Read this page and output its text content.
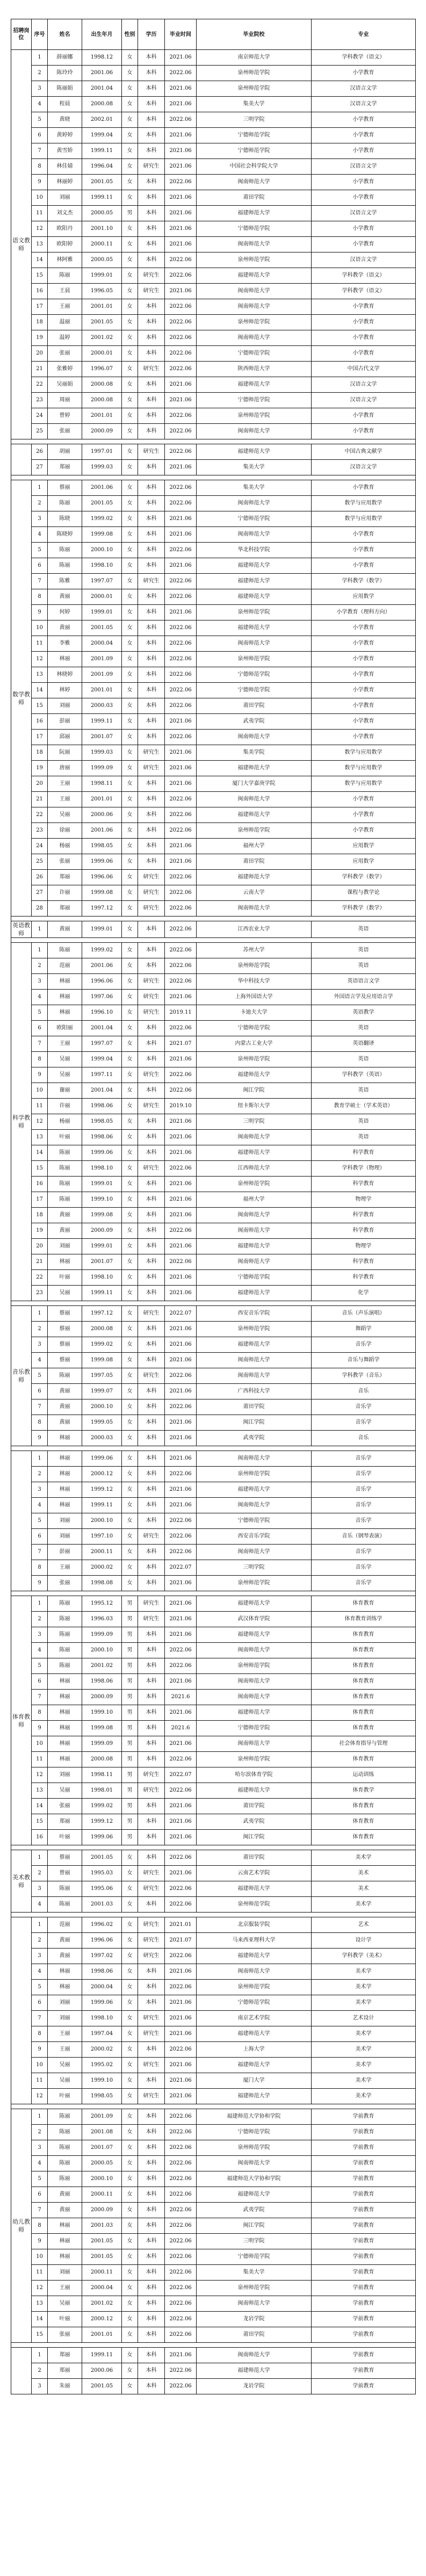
招聘岗位	序号	姓名	出生年月	性别	学历	毕业时间	毕业院校	专业
语文教师	1	薛丽娜	1998.12	女	本科	2021.06	南京师范大学	学科教学（语文）
	2	陈玲玲	2001.06	女	本科	2022.06	泉州师范学院	小学教育
	3	陈丽娟	2001.04	女	本科	2021.06	泉州师范学院	汉语言文学
	4	程晨	2000.08	女	本科	2021.06	集美大学	汉语言文学
	5	黄晓	2002.01	女	本科	2022.06	三明学院	小学教育
	6	黄婷婷	1999.04	女	本科	2021.06	宁德师范学院	小学教育
	7	黄雪娇	1999.11	女	本科	2021.06	宁德师范学院	小学教育
	8	林佳婧	1996.04	女	研究生	2021.06	中国社会科学院大学	汉语言文学
	9	林丽婷	2001.05	女	本科	2022.06	闽南师范大学	小学教育
	10	刘丽	1999.11	女	本科	2021.06	莆田学院	小学教育
	11	刘文杰	2000.05	男	本科	2021.06	福建师范大学	汉语言文学
	12	欧阳丹	2001.10	女	本科	2021.06	宁德师范学院	小学教育
	13	欧阳婷	2000.11	女	本科	2021.06	闽南师范大学	小学教育
	14	林阿雅	2000.05	女	本科	2022.06	泉州师范学院	汉语言文学
	15	陈丽	1999.01	女	研究生	2022.06	福建师范大学	学科教学（语文）
	16	王晨	1996.05	女	研究生	2021.06	闽南师范大学	学科教学（语文）
	17	王丽	2001.01	女	本科	2022.06	闽南师范大学	小学教育
	18	温丽	2001.05	女	本科	2022.06	泉州师范学院	小学教育
	19	温婷	2001.02	女	本科	2022.06	闽南师范大学	小学教育
	20	张丽	2000.01	女	本科	2022.06	宁德师范学院	小学教育
	21	张雅婷	1996.07	女	研究生	2022.06	陕西师范大学	中国古代文学
	22	吴丽娟	2000.08	女	本科	2021.06	福建师范大学	汉语言文学
	23	周丽	2000.08	女	本科	2021.06	宁德师范学院	汉语言文学
	24	曾婷	2001.01	女	本科	2022.06	泉州师范学院	小学教育
	25	张丽	2000.09	女	本科	2022.06	闽南师范大学	小学教育

	26	胡丽	1997.01	女	研究生	2022.06	福建师范大学	中国古典文献学
	27	郑丽	1999.03	女	本科	2021.06	集美大学	汉语言文学

数学教师	1	蔡丽	2001.06	女	本科	2022.06	集美大学	小学教育
	2	陈丽	2001.05	女	本科	2022.06	闽南师范大学	数学与应用数学
	3	陈晓	1999.02	女	本科	2021.06	宁德师范学院	数学与应用数学
	4	陈晓婷	1999.08	女	本科	2021.06	闽南师范大学	小学教育
	5	陈丽	2000.10	女	本科	2022.06	华北科技学院	小学教育
	6	陈丽	1998.10	女	本科	2021.06	福建师范大学	小学教育
	7	陈雅	1997.07	女	研究生	2022.06	福建师范大学	学科教学（数学）
	8	黄丽	2000.01	女	本科	2022.06	福建师范大学	应用数学
	9	何婷	1999.01	女	本科	2021.06	泉州师范学院	小学教育（理科方向）
	10	黄丽	2001.05	女	本科	2022.06	福建师范大学	小学教育
	11	李雅	2000.04	女	本科	2022.06	闽南师范大学	小学教育
	12	林丽	2001.09	女	本科	2022.06	泉州师范学院	小学教育
	13	林晓婷	2001.09	女	本科	2022.06	宁德师范学院	小学教育
	14	林婷	2001.01	女	本科	2022.06	宁德师范学院	小学教育
	15	刘丽	2000.03	女	本科	2022.06	莆田学院	小学教育
	16	彭丽	1999.11	女	本科	2021.06	武夷学院	小学教育
	17	邱丽	2001.07	女	本科	2022.06	闽南师范大学	小学教育
	18	阮丽	1999.03	女	研究生	2021.06	集美学院	数学与应用数学
	19	唐丽	1999.09	女	研究生	2021.06	福建师范大学	数学与应用数学
	20	王丽	1998.11	女	本科	2021.06	厦门大学嘉庚学院	数学与应用数学
	21	王丽	2001.01	女	本科	2022.06	闽南师范大学	小学教育
	22	吴丽	2000.06	女	本科	2022.06	福建师范大学	小学教育
	23	徐丽	2001.06	女	本科	2022.06	泉州师范学院	小学教育
	24	杨丽	1998.05	女	本科	2021.06	福州大学	应用数学
	25	张丽	1999.06	女	本科	2021.06	莆田学院	应用数学
	26	郑丽	1996.06	女	研究生	2022.06	福建师范大学	学科教学（数学）
	27	许丽	1999.08	女	研究生	2022.06	云南大学	课程与教学论
	28	郑丽	1997.12	女	研究生	2022.06	闽南师范大学	学科教学（数学）

英语教师	1	黄丽	1999.01	女	本科	2022.06	江西农业大学	英语

科学教师	1	陈丽	1999.02	女	本科	2022.06	苏州大学	英语
	2	范丽	2001.06	女	本科	2022.06	泉州师范学院	英语
	3	林丽	1996.06	女	研究生	2022.06	华中科技大学	英语语言文学
	4	林丽	1997.06	女	研究生	2021.06	上海外国语大学	外国语言学及应用语言学
	5	林丽	1996.10	女	研究生	2019.11	卡迪夫大学	英语教学
	6	欧阳丽	2001.04	女	本科	2022.06	宁德师范学院	英语
	7	王丽	1997.07	女	本科	2021.07	内蒙古工业大学	英语翻译
	8	吴丽	1999.04	女	本科	2021.06	泉州师范学院	英语
	9	吴丽	1997.11	女	研究生	2022.06	福建师范大学	学科教学（英语）
	10	谢丽	2001.04	女	本科	2022.06	闽江学院	英语
	11	许丽	1998.06	女	研究生	2019.10	纽卡斯尔大学	教育学硕士（学术英语）
	12	杨丽	1998.05	女	本科	2021.06	三明学院	英语
	13	叶丽	1998.06	女	本科	2021.06	闽南师范大学	英语
	14	陈丽	1999.06	女	本科	2021.06	福建师范大学	科学教育
	15	陈丽	1998.10	女	研究生	2022.06	江西师范大学	学科教学（物理）
	16	陈丽	1999.01	女	本科	2021.06	泉州师范学院	科学教育
	17	陈丽	1999.10	女	本科	2021.06	福州大学	物理学
	18	黄丽	1999.08	女	本科	2021.06	闽南师范大学	科学教育
	19	黄丽	2000.09	女	本科	2022.06	闽南师范大学	科学教育
	20	刘丽	1999.01	女	本科	2021.06	福建师范大学	物理学
	21	林丽	2001.07	女	本科	2022.06	闽南师范大学	科学教育
	22	叶丽	1998.10	女	本科	2021.06	宁德师范学院	科学教育
	23	吴丽	1999.11	女	本科	2021.06	福建师范大学	化学

音乐教师	1	蔡丽	1997.12	女	研究生	2022.07	西安音乐学院	音乐（声乐演唱）
	2	蔡丽	2000.08	女	本科	2021.06	泉州师范学院	舞蹈学
	3	蔡丽	1999.02	女	本科	2021.06	福建师范大学	音乐学
	4	蔡丽	1999.08	女	本科	2021.06	闽南师范大学	音乐与舞蹈学
	5	陈丽	1997.05	女	研究生	2022.06	闽南师范大学	学科教学（音乐）
	6	黄丽	1999.07	女	本科	2021.06	广西科技大学	音乐
	7	黄丽	2000.10	女	本科	2022.06	莆田学院	音乐学
	8	黄丽	1999.05	女	本科	2021.06	闽江学院	音乐学
	9	林丽	2000.03	女	本科	2021.06	武夷学院	音乐

	1	林丽	1999.06	女	本科	2021.06	闽南师范大学	音乐学
	2	林丽	2000.12	女	本科	2022.06	泉州师范学院	音乐学
	3	林丽	1999.12	女	本科	2021.06	福建师范大学	音乐学
	4	林丽	1999.11	女	本科	2021.06	闽南师范大学	音乐学
	5	刘丽	2000.10	女	本科	2022.06	宁德师范学院	音乐学
	6	刘丽	1997.10	女	研究生	2022.06	西安音乐学院	音乐（钢琴表演）
	7	彭丽	2000.11	女	本科	2022.06	闽南师范大学	音乐学
	8	王丽	2000.02	女	本科	2022.07	三明学院	音乐学
	9	张丽	1998.08	女	本科	2021.06	泉州师范学院	音乐学

体育教师	1	陈丽	1995.12	男	研究生	2021.06	福建师范大学	体育教育
	2	陈丽	1996.03	男	研究生	2021.06	武汉体育学院	体育教育训练学
	3	陈丽	1999.09	男	本科	2021.06	福建师范大学	体育教育
	4	陈丽	2000.10	男	本科	2022.06	闽南师范大学	体育教育
	5	陈丽	2001.02	男	本科	2022.06	泉州师范学院	体育教育
	6	林丽	1998.06	男	本科	2021.06	闽南师范大学	体育教育
	7	林丽	2000.09	男	本科	2021.6	闽南师范大学	体育教育
	8	林丽	1999.10	男	本科	2021.06	福建师范大学	体育教育
	9	林丽	1999.08	男	本科	2021.6	宁德师范学院	体育教育
	10	林丽	1999.09	男	本科	2021.06	闽南师范大学	社会体育指导与管理
	11	林丽	2000.08	男	本科	2022.06	泉州师范学院	体育教育
	12	刘丽	1998.11	男	研究生	2022.07	哈尔滨体育学院	运动训练
	13	吴丽	1998.01	男	研究生	2022.06	福建师范大学	体育教学
	14	张丽	1999.02	男	本科	2021.06	莆田学院	体育教育
	15	郑丽	1999.12	男	本科	2021.06	武夷学院	体育教育
	16	叶丽	1999.06	男	本科	2021.06	闽江学院	体育教育

美术教师	1	蔡丽	2001.05	女	本科	2022.06	莆田学院	美术学
	2	曾丽	1995.03	女	研究生	2021.06	云南艺术学院	美术
	3	陈丽	1995.06	女	研究生	2022.06	福建师范大学	美术
	4	陈丽	2001.03	女	本科	2022.06	泉州师范学院	美术学

	1	范丽	1996.02	女	研究生	2021.01	北京服装学院	艺术
	2	黄丽	1996.06	女	研究生	2021.07	马来西亚理科大学	设计学
	3	黄丽	1997.02	女	研究生	2022.06	福建师范大学	学科教学（美术）
	4	林丽	1998.06	女	本科	2021.06	闽南师范大学	美术学
	5	林丽	2000.04	女	本科	2022.06	泉州师范学院	美术学
	6	刘丽	1999.06	女	本科	2021.06	宁德师范学院	美术学
	7	刘丽	1998.10	女	研究生	2021.06	南京艺术学院	艺术设计
	8	王丽	1997.04	女	研究生	2021.06	福建师范大学	美术学
	9	王丽	2000.02	女	本科	2022.06	上海大学	美术学
	10	吴丽	1995.02	女	研究生	2021.06	福建师范大学	美术学
	11	吴丽	1999.10	女	本科	2021.06	厦门大学	美术学
	12	叶丽	1998.05	女	研究生	2021.06	福建师范大学	美术学

幼儿教师	1	陈丽	2001.09	女	本科	2022.06	福建师范大学协和学院	学前教育
	2	陈丽	2001.08	女	本科	2022.06	宁德师范学院	学前教育
	3	陈丽	2001.07	女	本科	2022.06	泉州师范学院	学前教育
	4	陈丽	2000.05	女	本科	2022.06	闽南师范大学	学前教育
	5	陈丽	2000.10	女	本科	2022.06	福建师范大学协和学院	学前教育
	6	黄丽	2000.11	女	本科	2022.06	福建师范大学	学前教育
	7	黄丽	2000.09	女	本科	2022.06	武夷学院	学前教育
	8	林丽	2001.03	女	本科	2022.06	闽江学院	学前教育
	9	林丽	2001.05	女	本科	2022.06	三明学院	学前教育
	10	林丽	2001.05	女	本科	2022.06	宁德师范学院	学前教育
	11	刘丽	2000.11	女	本科	2022.06	集美大学	学前教育
	12	王丽	2000.04	女	本科	2022.06	泉州师范学院	学前教育
	13	吴丽	2001.02	女	本科	2022.06	闽南师范大学	学前教育
	14	叶丽	2000.12	女	本科	2022.06	龙岩学院	学前教育
	15	张丽	2001.01	女	本科	2022.06	莆田学院	学前教育

	1	郑丽	1999.11	女	本科	2021.06	闽南师范大学	学前教育
	2	郑丽	2000.06	女	本科	2022.06	福建师范大学	学前教育
	3	朱丽	2001.05	女	本科	2022.06	龙岩学院	学前教育
